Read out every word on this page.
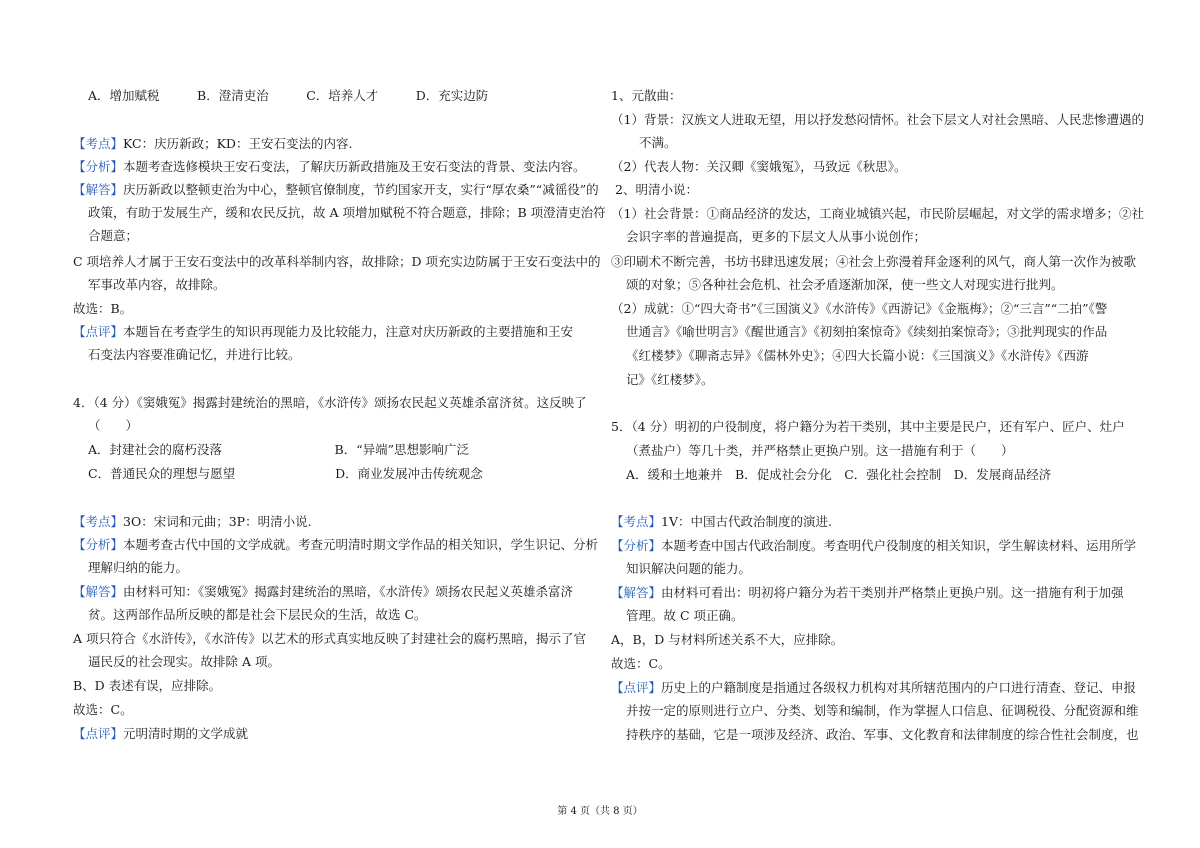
A．增加赋税　　　B．澄清吏治　　　C．培养人才　　　D．充实边防
【考点】KC：庆历新政；KD：王安石变法的内容.
【分析】本题考查选修模块王安石变法，了解庆历新政措施及王安石变法的背景、变法内容。
【解答】庆历新政以整顿吏治为中心，整顿官僚制度，节约国家开支，实行“厚农桑”“减徭役”的
政策，有助于发展生产，缓和农民反抗，故 A 项增加赋税不符合题意，排除；B 项澄清吏治符
合题意；
C 项培养人才属于王安石变法中的改革科举制内容，故排除；D 项充实边防属于王安石变法中的
军事改革内容，故排除。
故选：B。
【点评】本题旨在考查学生的知识再现能力及比较能力，注意对庆历新政的主要措施和王安
石变法内容要准确记忆，并进行比较。
4．（4 分）《窦娥冤》揭露封建统治的黑暗，《水浒传》颂扬农民起义英雄杀富济贫。这反映了
（　　）
A．封建社会的腐朽没落　　　　　　　　　B．“异端”思想影响广泛
C．普通民众的理想与愿望　　　　　　　　D．商业发展冲击传统观念
【考点】3O：宋词和元曲；3P：明清小说.
【分析】本题考查古代中国的文学成就。考查元明清时期文学作品的相关知识，学生识记、分析
理解归纳的能力。
【解答】由材料可知：《窦娥冤》揭露封建统治的黑暗，《水浒传》颂扬农民起义英雄杀富济
贫。这两部作品所反映的都是社会下层民众的生活，故选 C。
A 项只符合《水浒传》，《水浒传》以艺术的形式真实地反映了封建社会的腐朽黑暗，揭示了官
逼民反的社会现实。故排除 A 项。
B、D 表述有误，应排除。
故选：C。
【点评】元明清时期的文学成就
1、元散曲：
（1）背景：汉族文人进取无望，用以抒发愁闷情怀。社会下层文人对社会黑暗、人民悲惨遭遇的
不满。
（2）代表人物：关汉卿《窦娥冤》，马致远《秋思》。
2、明清小说：
（1）社会背景：①商品经济的发达，工商业城镇兴起，市民阶层崛起，对文学的需求增多；②社
会识字率的普遍提高，更多的下层文人从事小说创作；
③印刷术不断完善，书坊书肆迅速发展；④社会上弥漫着拜金逐利的风气，商人第一次作为被歌
颂的对象；⑤各种社会危机、社会矛盾逐渐加深，使一些文人对现实进行批判。
（2）成就：①“四大奇书”《三国演义》《水浒传》《西游记》《金瓶梅》；②“三言”“二拍”《警
世通言》《喻世明言》《醒世通言》《初刻拍案惊奇》《续刻拍案惊奇》；③批判现实的作品
《红楼梦》《聊斋志异》《儒林外史》；④四大长篇小说：《三国演义》《水浒传》《西游
记》《红楼梦》。
5．（4 分）明初的户役制度，将户籍分为若干类别，其中主要是民户，还有军户、匠户、灶户
（煮盐户）等几十类，并严格禁止更换户别。这一措施有利于（　　）
A．缓和土地兼并　B．促成社会分化　C．强化社会控制　D．发展商品经济
【考点】1V：中国古代政治制度的演进.
【分析】本题考查中国古代政治制度。考查明代户役制度的相关知识，学生解读材料、运用所学
知识解决问题的能力。
【解答】由材料可看出：明初将户籍分为若干类别并严格禁止更换户别。这一措施有利于加强
管理。故 C 项正确。
A，B，D 与材料所述关系不大，应排除。
故选：C。
【点评】历史上的户籍制度是指通过各级权力机构对其所辖范围内的户口进行清查、登记、申报
并按一定的原则进行立户、分类、划等和编制，作为掌握人口信息、征调税役、分配资源和维
持秩序的基础，它是一项涉及经济、政治、军事、文化教育和法律制度的综合性社会制度，也
第 4 页（共 8 页）
